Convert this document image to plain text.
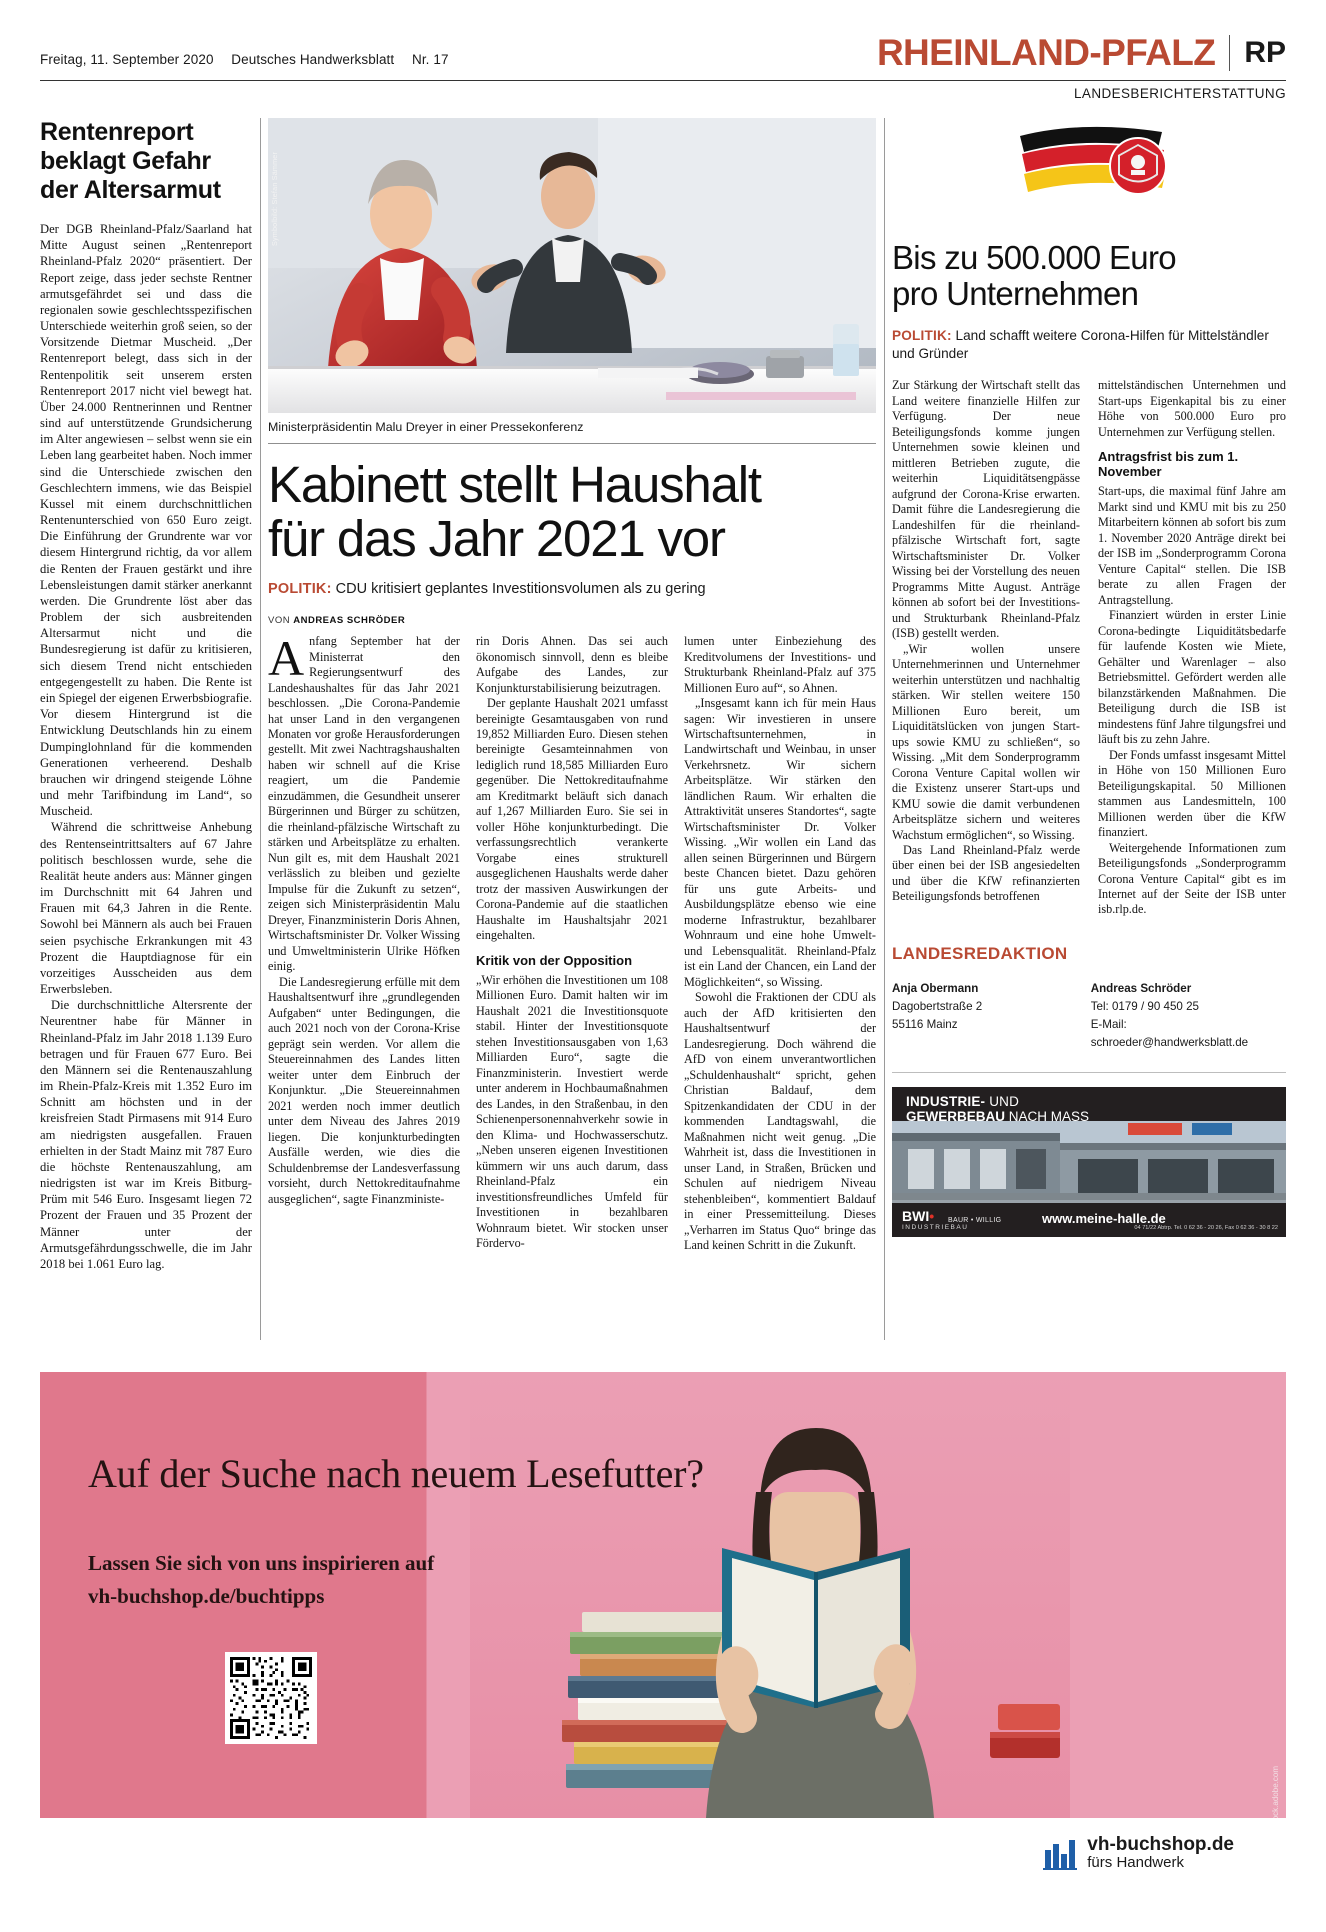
Freitag, 11. September 2020 Deutsches Handwerksblatt Nr. 17	RHEINLAND-PFALZ RP
LANDESBERICHTERSTATTUNG
Rentenreport
beklagt Gefahr
der Altersarmut

Der DGB Rheinland-Pfalz/Saarland hat Mitte August seinen „Rentenreport Rheinland-Pfalz 2020“ präsentiert. Der Report zeige, dass jeder sechste Rentner armutsgefährdet sei und dass die regionalen sowie geschlechtsspezifischen Unterschiede weiterhin groß seien, so der Vorsitzende Dietmar Muscheid. „Der Rentenreport belegt, dass sich in der Rentenpolitik seit unserem ersten Rentenreport 2017 nicht viel bewegt hat. Über 24.000 Rentnerinnen und Rentner sind auf unterstützende Grundsicherung im Alter angewiesen – selbst wenn sie ein Leben lang gearbeitet haben. Noch immer sind die Unterschiede zwischen den Geschlechtern immens, wie das Beispiel Kussel mit einem durchschnittlichen Rentenunterschied von 650 Euro zeigt. Die Einführung der Grundrente war vor diesem Hintergrund richtig, da vor allem die Renten der Frauen gestärkt und ihre Lebensleistungen damit stärker anerkannt werden. Die Grundrente löst aber das Problem der sich ausbreitenden Altersarmut nicht und die Bundesregierung ist dafür zu kritisieren, sich diesem Trend nicht entschieden entgegengestellt zu haben. Die Rente ist ein Spiegel der eigenen Erwerbsbiografie. Vor diesem Hintergrund ist die Entwicklung Deutschlands hin zu einem Dumpinglohnland für die kommenden Generationen verheerend. Deshalb brauchen wir dringend steigende Löhne und mehr Tarifbindung im Land“, so Muscheid.

Während die schrittweise Anhebung des Rentenseintrittsalters auf 67 Jahre politisch beschlossen wurde, sehe die Realität heute anders aus: Männer gingen im Durchschnitt mit 64 Jahren und Frauen mit 64,3 Jahren in die Rente. Sowohl bei Männern als auch bei Frauen seien psychische Erkrankungen mit 43 Prozent die Hauptdiagnose für ein vorzeitiges Ausscheiden aus dem Erwerbsleben.

Die durchschnittliche Altersrente der Neurentner habe für Männer in Rheinland-Pfalz im Jahr 2018 1.139 Euro betragen und für Frauen 677 Euro. Bei den Männern sei die Rentenauszahlung im Rhein-Pfalz-Kreis mit 1.352 Euro im Schnitt am höchsten und in der kreisfreien Stadt Pirmasens mit 914 Euro am niedrigsten ausgefallen. Frauen erhielten in der Stadt Mainz mit 787 Euro die höchste Rentenauszahlung, am niedrigsten ist war im Kreis Bitburg-Prüm mit 546 Euro. Insgesamt liegen 72 Prozent der Frauen und 35 Prozent der Männer unter der Armutsgefährdungsschwelle, die im Jahr 2018 bei 1.061 Euro lag.

Symbolbild: Stefan Sämmer
Ministerpräsidentin Malu Dreyer in einer Pressekonferenz
Kabinett stellt Haushalt
für das Jahr 2021 vor
POLITIK: CDU kritisiert geplantes Investitionsvolumen als zu gering
VON ANDREAS SCHRÖDER

Anfang September hat der Ministerrat den Regierungsentwurf des Landeshaushaltes für das Jahr 2021 beschlossen. „Die Corona-Pandemie hat unser Land in den vergangenen Monaten vor große Herausforderungen gestellt. Mit zwei Nachtragshaushalten haben wir schnell auf die Krise reagiert, um die Pandemie einzudämmen, die Gesundheit unserer Bürgerinnen und Bürger zu schützen, die rheinland-pfälzische Wirtschaft zu stärken und Arbeitsplätze zu erhalten. Nun gilt es, mit dem Haushalt 2021 verlässlich zu bleiben und gezielte Impulse für die Zukunft zu setzen“, zeigen sich Ministerpräsidentin Malu Dreyer, Finanzministerin Doris Ahnen, Wirtschaftsminister Dr. Volker Wissing und Umweltministerin Ulrike Höfken einig.

Die Landesregierung erfülle mit dem Haushaltsentwurf ihre „grundlegenden Aufgaben“ unter Bedingungen, die auch 2021 noch von der Corona-Krise geprägt sein werden. Vor allem die Steuereinnahmen des Landes litten weiter unter dem Einbruch der Konjunktur. „Die Steuereinnahmen 2021 werden noch immer deutlich unter dem Niveau des Jahres 2019 liegen. Die konjunkturbedingten Ausfälle werden, wie dies die Schuldenbremse der Landesverfassung vorsieht, durch Nettokreditaufnahme ausgeglichen“, sagte Finanzministe-

rin Doris Ahnen. Das sei auch ökonomisch sinnvoll, denn es bleibe Aufgabe des Landes, zur Konjunkturstabilisierung beizutragen.

Der geplante Haushalt 2021 umfasst bereinigte Gesamtausgaben von rund 19,852 Milliarden Euro. Diesen stehen bereinigte Gesamteinnahmen von lediglich rund 18,585 Milliarden Euro gegenüber. Die Nettokreditaufnahme am Kreditmarkt beläuft sich danach auf 1,267 Milliarden Euro. Sie sei in voller Höhe konjunkturbedingt. Die verfassungsrechtlich verankerte Vorgabe eines strukturell ausgeglichenen Haushalts werde daher trotz der massiven Auswirkungen der Corona-Pandemie auf die staatlichen Haushalte im Haushaltsjahr 2021 eingehalten.

Kritik von der Opposition

„Wir erhöhen die Investitionen um 108 Millionen Euro. Damit halten wir im Haushalt 2021 die Investitionsquote stabil. Hinter der Investitionsquote stehen Investitionsausgaben von 1,63 Milliarden Euro“, sagte die Finanzministerin. Investiert werde unter anderem in Hochbaumaßnahmen des Landes, in den Straßenbau, in den Schienenpersonennahverkehr sowie in den Klima- und Hochwasserschutz. „Neben unseren eigenen Investitionen kümmern wir uns auch darum, dass Rheinland-Pfalz ein investitionsfreundliches Umfeld für Investitionen in bezahlbaren Wohnraum bietet. Wir stocken unser Fördervo-

lumen unter Einbeziehung des Kreditvolumens der Investitions- und Strukturbank Rheinland-Pfalz auf 375 Millionen Euro auf“, so Ahnen.

„Insgesamt kann ich für mein Haus sagen: Wir investieren in unsere Wirtschaftsunternehmen, in Landwirtschaft und Weinbau, in unser Verkehrsnetz. Wir sichern Arbeitsplätze. Wir stärken den ländlichen Raum. Wir erhalten die Attraktivität unseres Standortes“, sagte Wirtschaftsminister Dr. Volker Wissing. „Wir wollen ein Land das allen seinen Bürgerinnen und Bürgern beste Chancen bietet. Dazu gehören für uns gute Arbeits- und Ausbildungsplätze ebenso wie eine moderne Infrastruktur, bezahlbarer Wohnraum und eine hohe Umwelt- und Lebensqualität. Rheinland-Pfalz ist ein Land der Chancen, ein Land der Möglichkeiten“, so Wissing.

Sowohl die Fraktionen der CDU als auch der AfD kritisierten den Haushaltsentwurf der Landesregierung. Doch während die AfD von einem unverantwortlichen „Schuldenhaushalt“ spricht, gehen Christian Baldauf, dem Spitzenkandidaten der CDU in der kommenden Landtagswahl, die Maßnahmen nicht weit genug. „Die Wahrheit ist, dass die Investitionen in unser Land, in Straßen, Brücken und Schulen auf niedrigem Niveau stehenbleiben“, kommentiert Baldauf in einer Pressemitteilung. Dieses „Verharren im Status Quo“ bringe das Land keinen Schritt in die Zukunft.

Bis zu 500.000 Euro
pro Unternehmen
POLITIK: Land schafft weitere Corona-Hilfen für Mittelständler und Gründer

Zur Stärkung der Wirtschaft stellt das Land weitere finanzielle Hilfen zur Verfügung. Der neue Beteiligungsfonds komme jungen Unternehmen sowie kleinen und mittleren Betrieben zugute, die weiterhin Liquiditätsengpässe aufgrund der Corona-Krise erwarten. Damit führe die Landesregierung die Landeshilfen für die rheinland-pfälzische Wirtschaft fort, sagte Wirtschaftsminister Dr. Volker Wissing bei der Vorstellung des neuen Programms Mitte August. Anträge können ab sofort bei der Investitions- und Strukturbank Rheinland-Pfalz (ISB) gestellt werden.

„Wir wollen unsere Unternehmerinnen und Unternehmer weiterhin unterstützen und nachhaltig stärken. Wir stellen weitere 150 Millionen Euro bereit, um Liquiditätslücken von jungen Start-ups sowie KMU zu schließen“, so Wissing. „Mit dem Sonderprogramm Corona Venture Capital wollen wir die Existenz unserer Start-ups und KMU sowie die damit verbundenen Arbeitsplätze sichern und weiteres Wachstum ermöglichen“, so Wissing.

Das Land Rheinland-Pfalz werde über einen bei der ISB angesiedelten und über die KfW refinanzierten Beteiligungsfonds betroffenen

mittelständischen Unternehmen und Start-ups Eigenkapital bis zu einer Höhe von 500.000 Euro pro Unternehmen zur Verfügung stellen.

Antragsfrist bis zum 1. November

Start-ups, die maximal fünf Jahre am Markt sind und KMU mit bis zu 250 Mitarbeitern können ab sofort bis zum 1. November 2020 Anträge direkt bei der ISB im „Sonderprogramm Corona Venture Capital“ stellen. Die ISB berate zu allen Fragen der Antragstellung.

Finanziert würden in erster Linie Corona-bedingte Liquiditätsbedarfe für laufende Kosten wie Miete, Gehälter und Warenlager – also Betriebsmittel. Gefördert werden alle bilanzstärkenden Maßnahmen. Die Beteiligung durch die ISB ist mindestens fünf Jahre tilgungsfrei und läuft bis zu zehn Jahre.

Der Fonds umfasst insgesamt Mittel in Höhe von 150 Millionen Euro Beteiligungskapital. 50 Millionen stammen aus Landesmitteln, 100 Millionen werden über die KfW finanziert.

Weitergehende Informationen zum Beteiligungsfonds „Sonderprogramm Corona Venture Capital“ gibt es im Internet auf der Seite der ISB unter isb.rlp.de.

LANDESREDAKTION
Anja Obermann
Dagobertstraße 2
55116 Mainz
Andreas Schröder
Tel: 0179 / 90 450 25
E-Mail: schroeder@handwerksblatt.de
INDUSTRIE- UND
GEWERBEBAU NACH MASS
BWI•
INDUSTRIEBAU
BAUR • WILLIG	www.meine-halle.de
04 71/22 Abtrp. Tel. 0 62 36 - 20 26, Fax 0 62 36 - 30 8 22
Auf der Suche nach neuem Lesefutter?
Lassen Sie sich von uns inspirieren auf
vh-buchshop.de/buchtipps
vh-buchshop.de
fürs Handwerk
